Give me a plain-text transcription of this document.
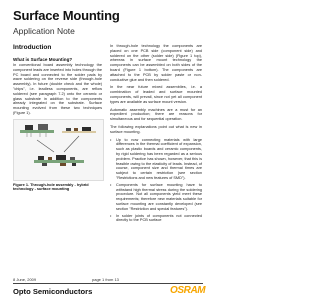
Surface Mounting
Application Note
Introduction
What is Surface Mounting?

In conventional board assembly technology the component leads are inserted into holes through the PC board and connected to the solder pads by wave soldering on the reverse side (through-hole assembly). In future (double check and the whole) "chips", i.e. leadless components, are reflow soldered (see paragraph 7.2) onto the ceramic or glass substrate in addition to the components already integrated on the substrate. Surface mounting evolved from these two techniques (Figure 1).

Figure 1. Through-hole assembly - hybrid technology - surface mounting

In through-hole technology the components are placed on one PCB side (component side) and soldered on the other (solder side) (Figure 1 top), whereas in surface mount technology the components can be assembled on both sides of the board (Figure 1 bottom). The components are attached to the PCB by solder paste or non-conductive glue and then soldered.

In the near future mixed assemblies, i.e. a combination of leaded and surface mounted components, will prevail, since not yet all component types are available as surface mount version.

Automatic assembly machines are a must for an expedient production; there are reasons for simultaneous and for sequential operation.

The following explanations point out what is new in surface mounting.

• Up to now connecting materials with large differences in the thermal coefficient of expansion, such as plastic boards and ceramic components, by rigid soldering has been regarded as a serious problem. Practice has shown, however, that this is feasible owing to the elasticity of leads. Instead, of course, component size and thermal times are subject to certain restriction (see section "Restrictions and new features of SMD").
• Components for surface mounting have to withstand high thermal stress during the soldering procedure. Not all components yield meet these requirements; therefore new materials suitable for surface mounting are constantly developed (see section "Restriction and special features").
• In solder joints of components not connected directly to the PCB surface
8 June, 2009	page 1 from 13
Opto Semiconductors	OSRAM
